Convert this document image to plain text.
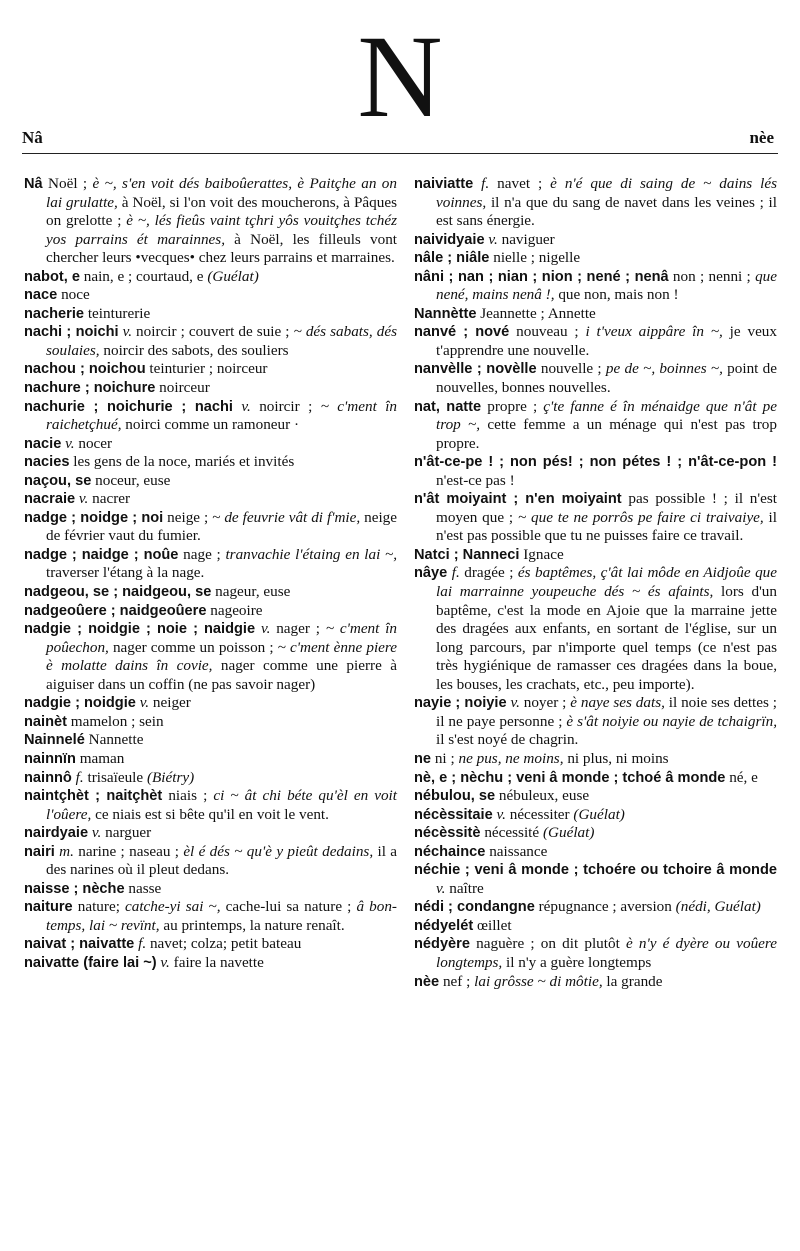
N
Nâ	nèe

Nâ Noël ; è ~, s'en voit dés baiboûerattes, è Paitçhe an on lai grulatte, à Noël, si l'on voit des moucherons, à Pâques on grelotte ; è ~, lés fieûs vaint tçhri yôs vouitçhes tchéz yos parrains ét marainnes, à Noël, les filleuls vont chercher leurs •vecques• chez leurs parrains et marraines.

nabot, e nain, e ; courtaud, e (Guélat)

nace noce

nacherie teinturerie

nachi ; noichi v. noircir ; couvert de suie ; ~ dés sabats, dés soulaies, noircir des sabots, des souliers

nachou ; noichou teinturier ; noirceur

nachure ; noichure noirceur

nachurie ; noichurie ; nachi v. noircir ; ~ c'ment în raichetçhué, noirci comme un ramoneur ·

nacie v. nocer

nacies les gens de la noce, mariés et invités

naçou, se noceur, euse

nacraie v. nacrer

nadge ; noidge ; noi neige ; ~ de feuvrie vât di f'mie, neige de février vaut du fumier.

nadge ; naidge ; noûe nage ; tranvachie l'étaing en lai ~, traverser l'étang à la nage.

nadgeou, se ; naidgeou, se nageur, euse

nadgeoûere ; naidgeoûere nageoire

nadgie ; noidgie ; noie ; naidgie v. nager ; ~ c'ment în poûechon, nager comme un poisson ; ~ c'ment ènne piere è molatte dains în covie, nager comme une pierre à aiguiser dans un coffin (ne pas savoir nager)

nadgie ; noidgie v. neiger

nainèt mamelon ; sein

Nainnelé Nannette

nainnïn maman

nainnô f. trisaïeule (Biétry)

naintçhèt ; naitçhèt niais ; ci ~ ât chi béte qu'èl en voit l'oûere, ce niais est si bête qu'il en voit le vent.

nairdyaie v. narguer

nairi m. narine ; naseau ; èl é dés ~ qu'è y pieût dedains, il a des narines où il pleut dedans.

naisse ; nèche nasse

naiture nature; catche-yi sai ~, cache-lui sa nature ; â bon-temps, lai ~ revïnt, au printemps, la nature renaît.

naivat ; naivatte f. navet; colza; petit bateau

naivatte (faire lai ~) v. faire la navette

naiviatte f. navet ; è n'é que di saing de ~ dains lés voinnes, il n'a que du sang de navet dans les veines ; il est sans énergie.

naividyaie v. naviguer

nâle ; niâle nielle ; nigelle

nâni ; nan ; nian ; nion ; nené ; nenâ non ; nenni ; que nené, mains nenâ !, que non, mais non !

Nannètte Jeannette ; Annette

nanvé ; nové nouveau ; i t'veux aippâre în ~, je veux t'apprendre une nouvelle.

nanvèlle ; novèlle nouvelle ; pe de ~, boinnes ~, point de nouvelles, bonnes nouvelles.

nat, natte propre ; ç'te fanne é în ménaidge que n'ât pe trop ~, cette femme a un ménage qui n'est pas trop propre.

n'ât-ce-pe ! ; non pés! ; non pétes ! ; n'ât-ce-pon ! n'est-ce pas !

n'ât moiyaint ; n'en moiyaint pas possible ! ; il n'est moyen que ; ~ que te ne porrôs pe faire ci traivaiye, il n'est pas possible que tu ne puisses faire ce travail.

Natci ; Nanneci Ignace

nâye f. dragée ; és baptêmes, ç'ât lai môde en Aidjoûe que lai marrainne youpeuche dés ~ és afaints, lors d'un baptême, c'est la mode en Ajoie que la marraine jette des dragées aux enfants, en sortant de l'église, sur un long parcours, par n'importe quel temps (ce n'est pas très hygiénique de ramasser ces dragées dans la boue, les bouses, les crachats, etc., peu importe).

nayie ; noiyie v. noyer ; è naye ses dats, il noie ses dettes ; il ne paye personne ; è s'ât noiyie ou nayie de tchaigrïn, il s'est noyé de chagrin.

ne ni ; ne pus, ne moins, ni plus, ni moins

nè, e ; nèchu ; veni â monde ; tchoé â monde né, e

nébulou, se nébuleux, euse

nécèssitaie v. nécessiter (Guélat)

nécèssitè nécessité (Guélat)

néchaince naissance

néchie ; veni â monde ; tchoére ou tchoire â monde v. naître

nédi ; condangne répugnance ; aversion (nédi, Guélat)

nédyelét œillet

nédyère naguère ; on dit plutôt è n'y é dyère ou voûere longtemps, il n'y a guère longtemps

nèe nef ; lai grôsse ~ di môtie, la grande
